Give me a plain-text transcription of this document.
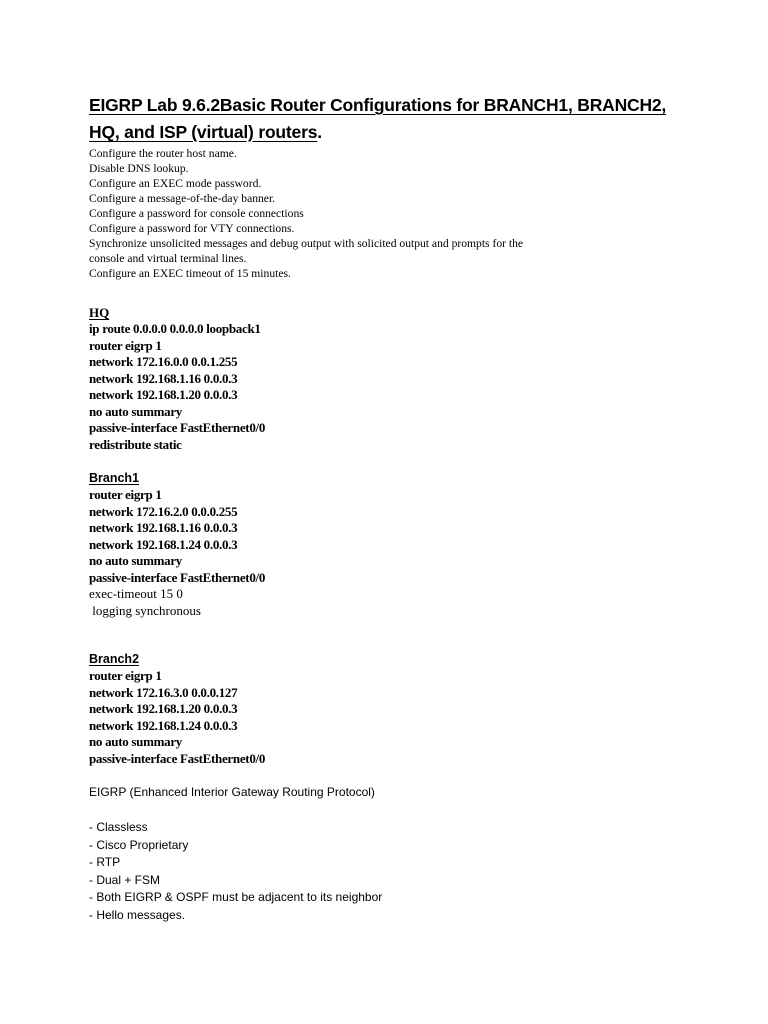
EIGRP Lab 9.6.2Basic Router Configurations for BRANCH1, BRANCH2,
HQ, and ISP (virtual) routers.
Configure the router host name.
Disable DNS lookup.
Configure an EXEC mode password.
Configure a message-of-the-day banner.
Configure a password for console connections
Configure a password for VTY connections.
Synchronize unsolicited messages and debug output with solicited output and prompts for the
console and virtual terminal lines.
Configure an EXEC timeout of 15 minutes.
HQ
ip route 0.0.0.0 0.0.0.0 loopback1
router eigrp 1
network 172.16.0.0 0.0.1.255
network 192.168.1.16 0.0.0.3
network 192.168.1.20 0.0.0.3
no auto summary
passive-interface FastEthernet0/0
redistribute static
Branch1
router eigrp 1
network 172.16.2.0 0.0.0.255
network 192.168.1.16 0.0.0.3
network 192.168.1.24 0.0.0.3
no auto summary
passive-interface FastEthernet0/0
exec-timeout 15 0
logging synchronous
Branch2
router eigrp 1
network 172.16.3.0 0.0.0.127
network 192.168.1.20 0.0.0.3
network 192.168.1.24 0.0.0.3
no auto summary
passive-interface FastEthernet0/0
EIGRP (Enhanced Interior Gateway Routing Protocol)
- Classless
- Cisco Proprietary
- RTP
- Dual + FSM
- Both EIGRP & OSPF must be adjacent to its neighbor
- Hello messages.
